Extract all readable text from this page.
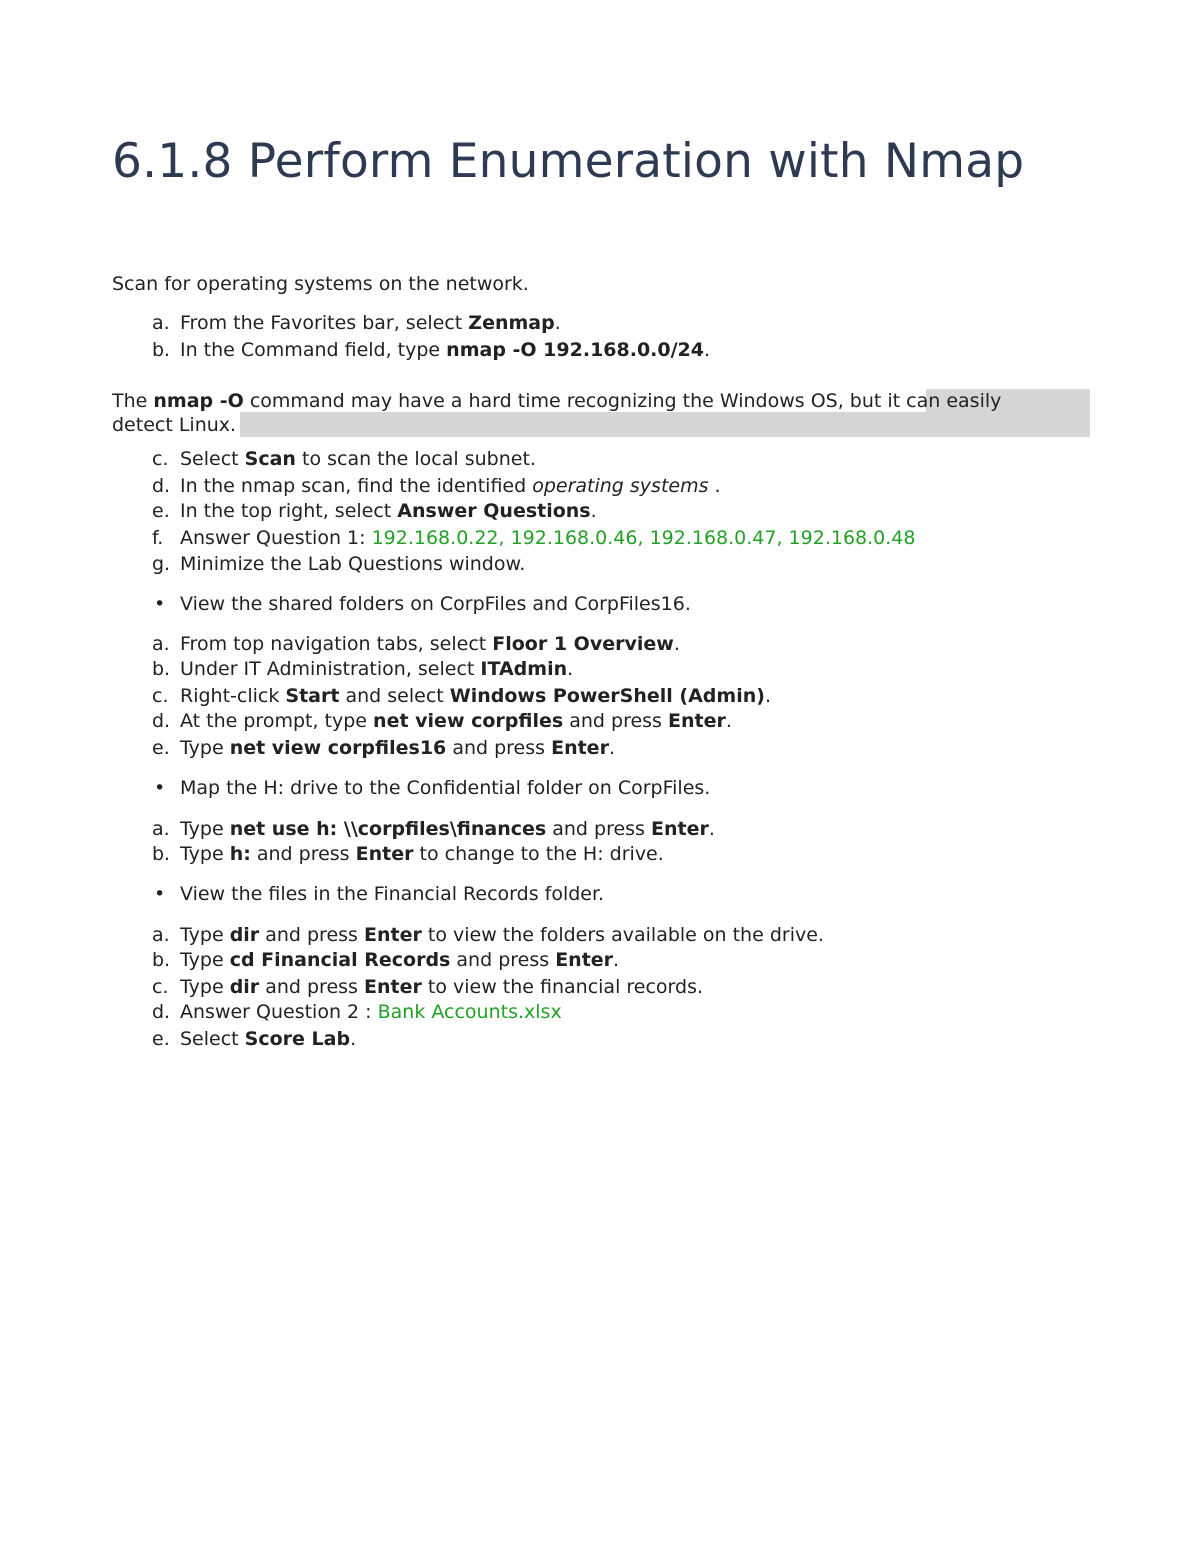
6.1.8 Perform Enumeration with Nmap

Scan for operating systems on the network.

a. From the Favorites bar, select Zenmap.
b. In the Command field, type nmap -O 192.168.0.0/24.
The nmap -O command may have a hard time recognizing the Windows OS, but it can easily
detect Linux.
c. Select Scan to scan the local subnet.
d. In the nmap scan, find the identified operating systems .
e. In the top right, select Answer Questions.
f. Answer Question 1: 192.168.0.22, 192.168.0.46, 192.168.0.47, 192.168.0.48
g. Minimize the Lab Questions window.
• View the shared folders on CorpFiles and CorpFiles16.
a. From top navigation tabs, select Floor 1 Overview.
b. Under IT Administration, select ITAdmin.
c. Right-click Start and select Windows PowerShell (Admin).
d. At the prompt, type net view corpfiles and press Enter.
e. Type net view corpfiles16 and press Enter.
• Map the H: drive to the Confidential folder on CorpFiles.
a. Type net use h: \\corpfiles\finances and press Enter.
b. Type h: and press Enter to change to the H: drive.
• View the files in the Financial Records folder.
a. Type dir and press Enter to view the folders available on the drive.
b. Type cd Financial Records and press Enter.
c. Type dir and press Enter to view the financial records.
d. Answer Question 2 : Bank Accounts.xlsx
e. Select Score Lab.
